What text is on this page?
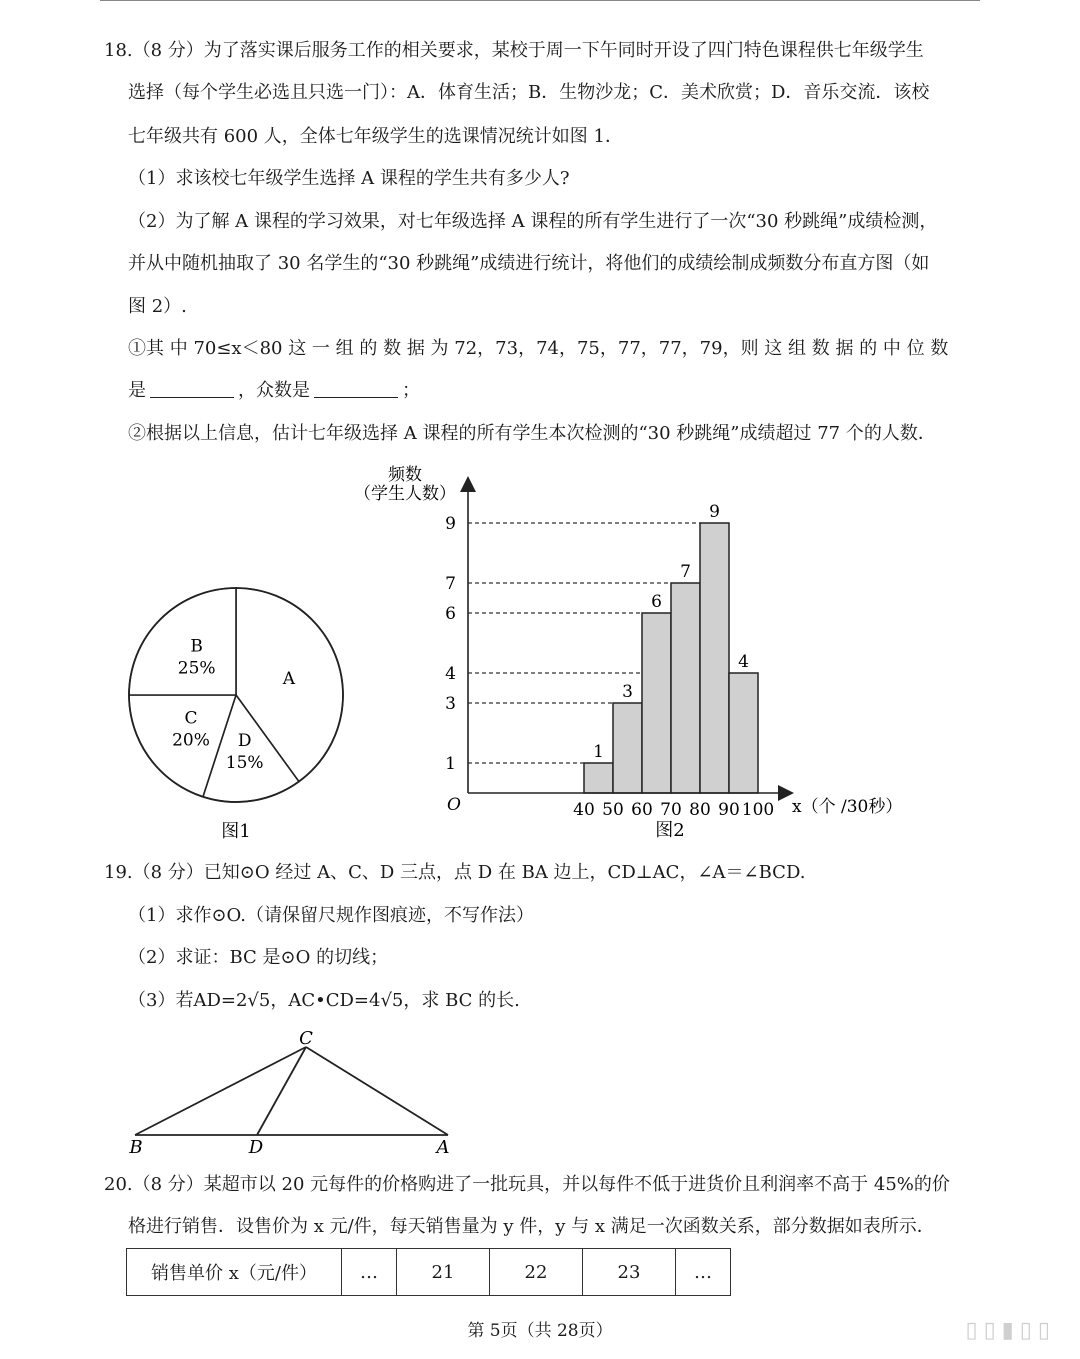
18.（8 分）为了落实课后服务工作的相关要求，某校于周一下午同时开设了四门特色课程供七年级学生
选择（每个学生必选且只选一门）：A．体育生活；B．生物沙龙；C．美术欣赏；D．音乐交流．该校
七年级共有 600 人，全体七年级学生的选课情况统计如图 1．
（1）求该校七年级学生选择 A 课程的学生共有多少人?
（2）为了解 A 课程的学习效果，对七年级选择 A 课程的所有学生进行了一次“30 秒跳绳”成绩检测，
并从中随机抽取了 30 名学生的“30 秒跳绳”成绩进行统计，将他们的成绩绘制成频数分布直方图（如
图 2）.
①其 中 70≤x＜80 这 一 组 的 数 据 为 72，73，74，75，77，77，79，则 这 组 数 据 的 中 位 数
是	，众数是	；
②根据以上信息，估计七年级选择 A 课程的所有学生本次检测的“30 秒跳绳”成绩超过 77 个的人数．
A
D
15%
C
20%
B
25%
图1
频数
（学生人数）
1
3
6
7
9
4
1
3
4
6
7
9
40 50 60 70 80 90 100
O	x（个 /30秒）
图2
19.（8 分）已知⊙O 经过 A、C、D 三点，点 D 在 BA 边上，CD⊥AC，∠A＝∠BCD.
（1）求作⊙O.（请保留尺规作图痕迹，不写作法）
（2）求证：BC 是⊙O 的切线；
（3）若AD=2√5，AC•CD=4√5，求 BC 的长.
C
B	D	A
20.（8 分）某超市以 20 元每件的价格购进了一批玩具，并以每件不低于进货价且利润率不高于 45%的价
格进行销售．设售价为 x 元/件，每天销售量为 y 件，y 与 x 满足一次函数关系，部分数据如表所示．
销售单价 x（元/件）	…	21	22	23	…
第 5页（共 28页）	▯▯▮▯▯
